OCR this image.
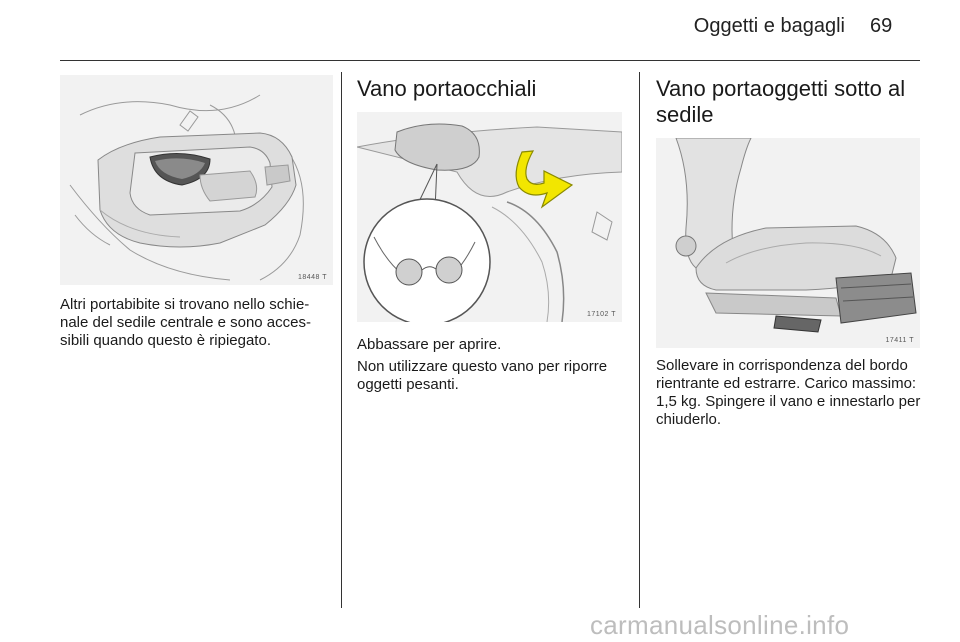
Oggetti e bagagli 69
18448 T

Altri portabibite si trovano nello schie-nale del sedile centrale e sono acces-sibili quando questo è ripiegato.

Vano portaocchiali
17102 T

Abbassare per aprire.

Non utilizzare questo vano per riporre oggetti pesanti.

Vano portaoggetti sotto al sedile
17411 T

Sollevare in corrispondenza del bordo rientrante ed estrarre. Carico massimo: 1,5 kg. Spingere il vano e innestarlo per chiuderlo.

carmanualsonline.info
